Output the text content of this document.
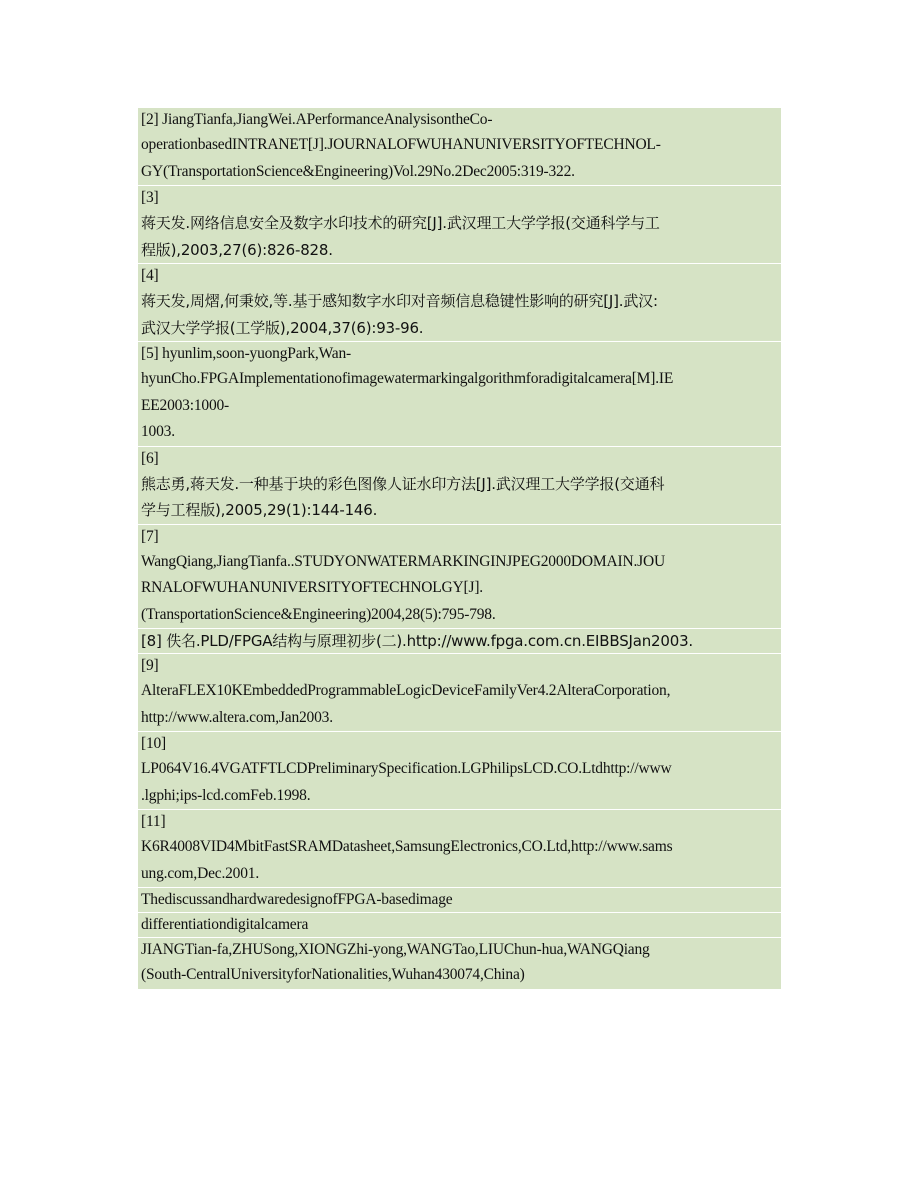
[2] JiangTianfa,JiangWei.APerformanceAnalysisontheCo-
operationbasedINTRANET[J].JOURNALOFWUHANUNIVERSITYOFTECHNOL-
GY(TransportationScience&Engineering)Vol.29No.2Dec2005:319-322.
[3]
蒋天发.网络信息安全及数字水印技术的研究[J].武汉理工大学学报(交通科学与工
程版),2003,27(6):826-828.
[4]
蒋天发,周熠,何秉姣,等.基于感知数字水印对音频信息稳键性影响的研究[J].武汉:
武汉大学学报(工学版),2004,37(6):93-96.
[5] hyunlim,soon-yuongPark,Wan-
hyunCho.FPGAImplementationofimagewatermarkingalgorithmforadigitalcamera[M].IE
EE2003:1000-
1003.
[6]
熊志勇,蒋天发.一种基于块的彩色图像人证水印方法[J].武汉理工大学学报(交通科
学与工程版),2005,29(1):144-146.
[7]
WangQiang,JiangTianfa..STUDYONWATERMARKINGINJPEG2000DOMAIN.JOU
RNALOFWUHANUNIVERSITYOFTECHNOLGY[J].
(TransportationScience&Engineering)2004,28(5):795-798.
[8] 佚名.PLD/FPGA结构与原理初步(二).http://www.fpga.com.cn.EIBBSJan2003.
[9]
AlteraFLEX10KEmbeddedProgrammableLogicDeviceFamilyVer4.2AlteraCorporation,
http://www.altera.com,Jan2003.
[10]
LP064V16.4VGATFTLCDPreliminarySpecification.LGPhilipsLCD.CO.Ltdhttp://www
.lgphi;ips-lcd.comFeb.1998.
[11]
K6R4008VID4MbitFastSRAMDatasheet,SamsungElectronics,CO.Ltd,http://www.sams
ung.com,Dec.2001.
ThediscussandhardwaredesignofFPGA-basedimage
differentiationdigitalcamera
JIANGTian-fa,ZHUSong,XIONGZhi-yong,WANGTao,LIUChun-hua,WANGQiang
(South-CentralUniversityforNationalities,Wuhan430074,China)
